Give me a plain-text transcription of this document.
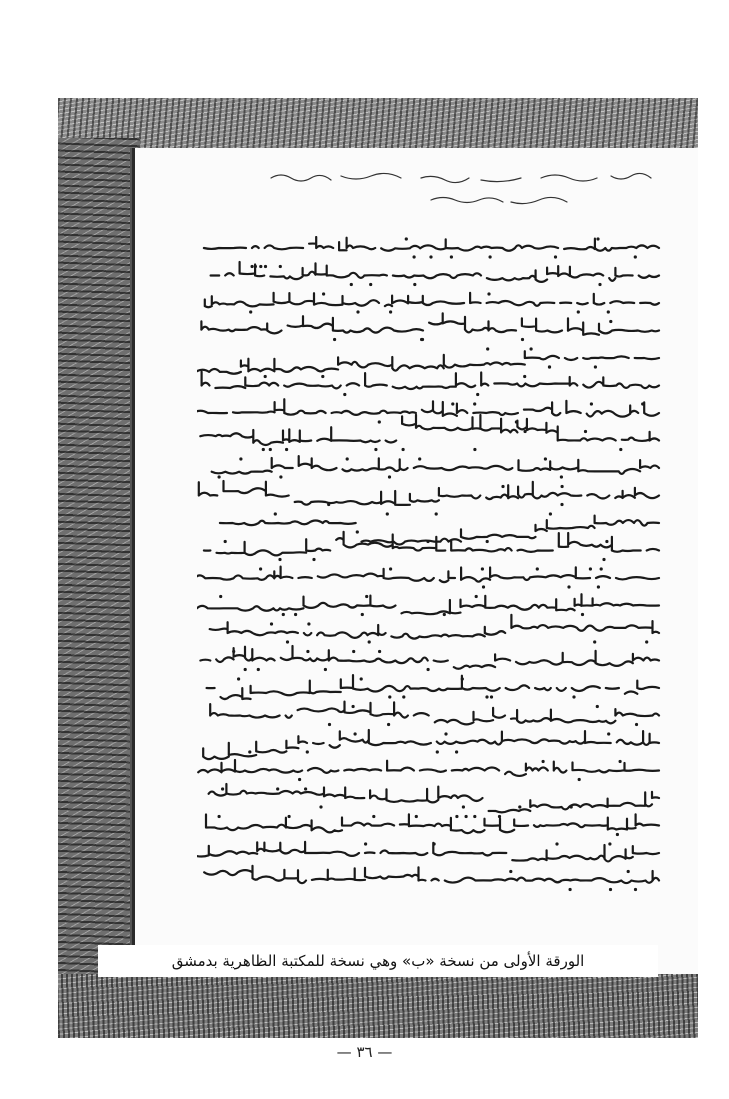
الورقة الأولى من نسخة «ب» وهي نسخة للمكتبة الظاهرية بدمشق
— ٣٦ —
